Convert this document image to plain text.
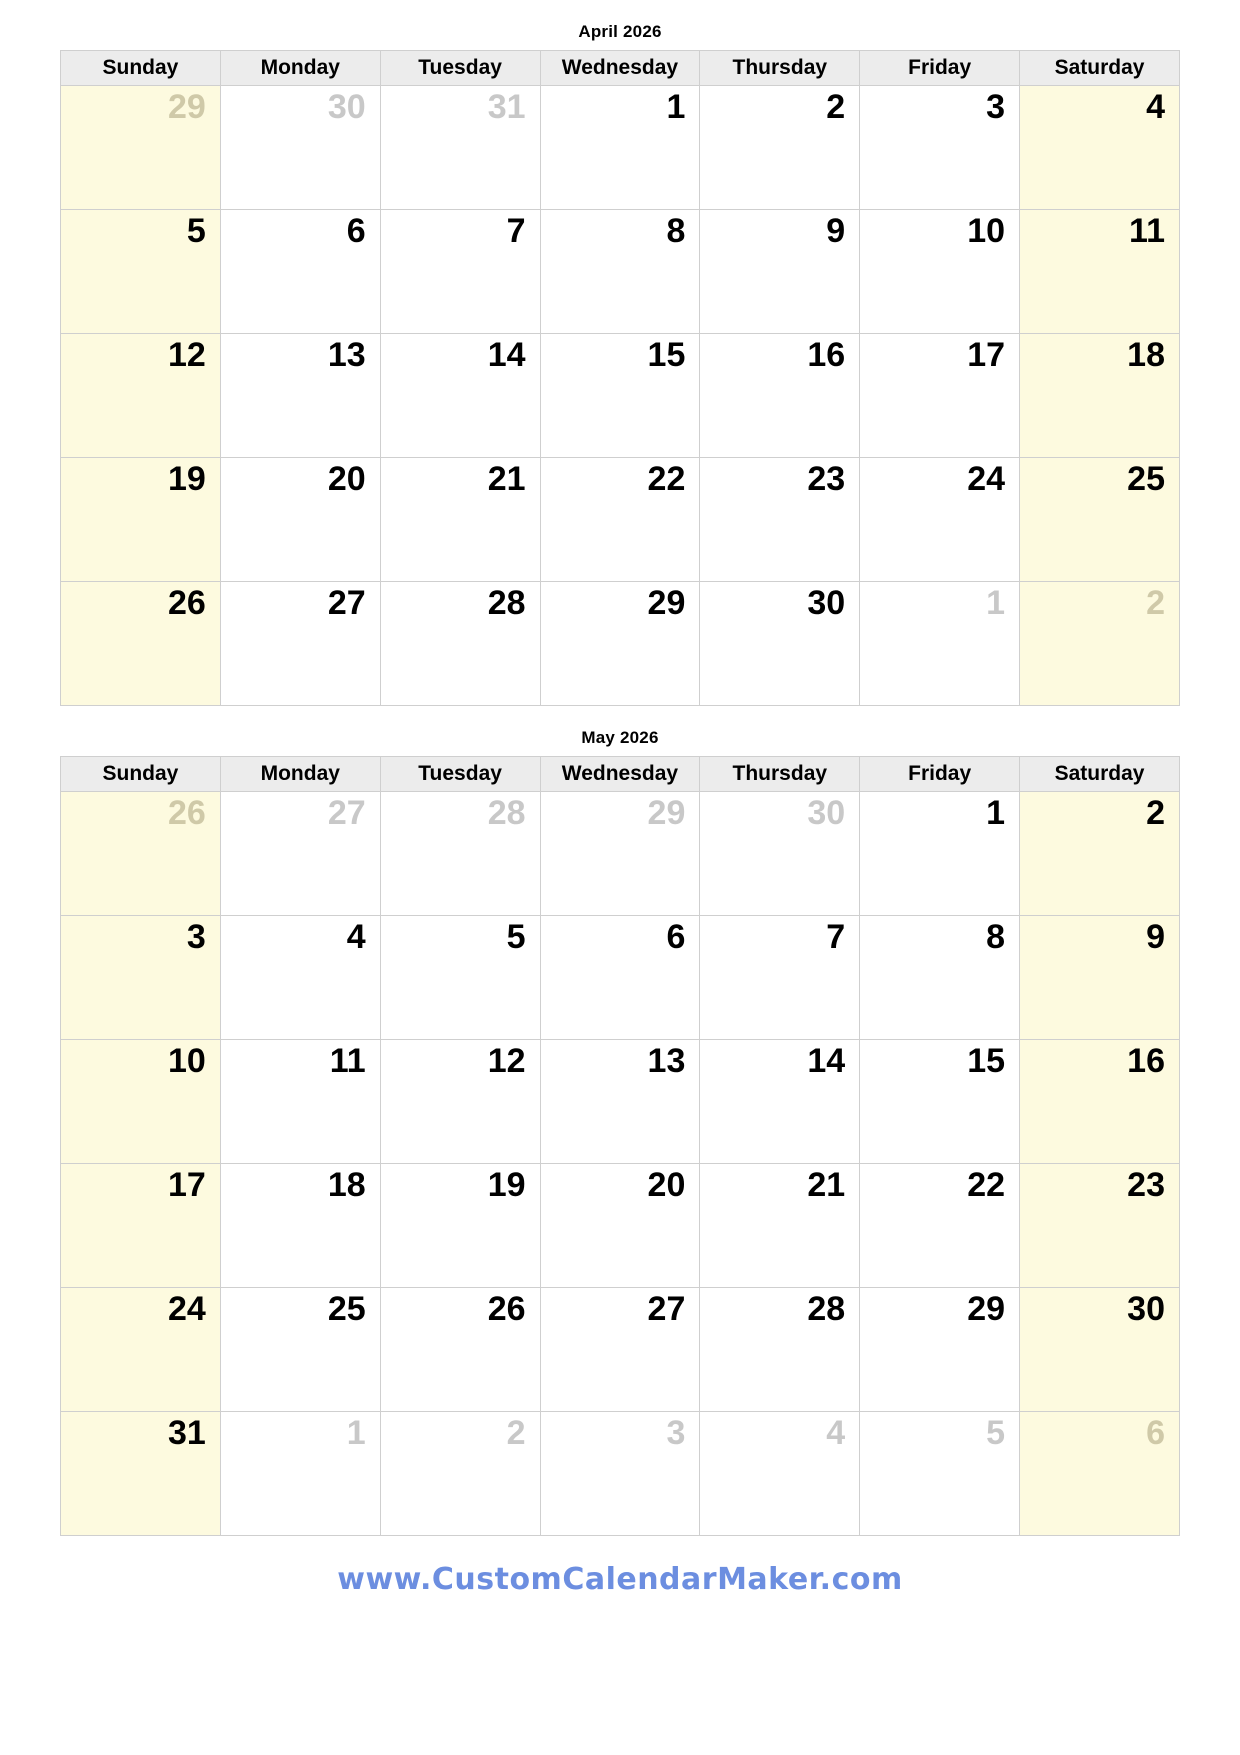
April 2026
Sunday	Monday	Tuesday	Wednesday	Thursday	Friday	Saturday

29	30	31	1	2	3	4

5	6	7	8	9	10	11

12	13	14	15	16	17	18

19	20	21	22	23	24	25

26	27	28	29	30	1	2
May 2026
Sunday	Monday	Tuesday	Wednesday	Thursday	Friday	Saturday

26	27	28	29	30	1	2

3	4	5	6	7	8	9

10	11	12	13	14	15	16

17	18	19	20	21	22	23

24	25	26	27	28	29	30

31	1	2	3	4	5	6
www.CustomCalendarMaker.com
